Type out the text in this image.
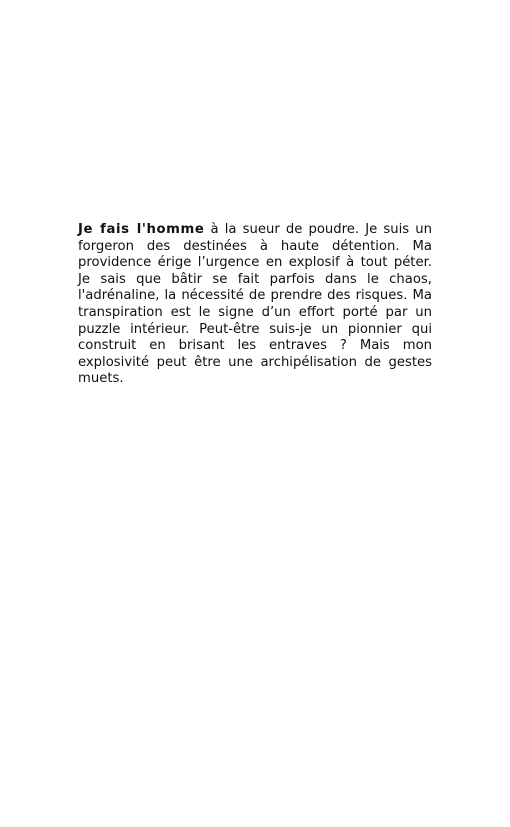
Je fais l'homme à la sueur de poudre. Je suis un forgeron des destinées à haute détention. Ma providence érige l’urgence en explosif à tout péter. Je sais que bâtir se fait parfois dans le chaos, l'adrénaline, la nécessité de prendre des risques. Ma transpiration est le signe d’un effort porté par un puzzle intérieur. Peut-être suis-je un pionnier qui construit en brisant les entraves ? Mais mon explosivité peut être une archipélisation de gestes muets.
